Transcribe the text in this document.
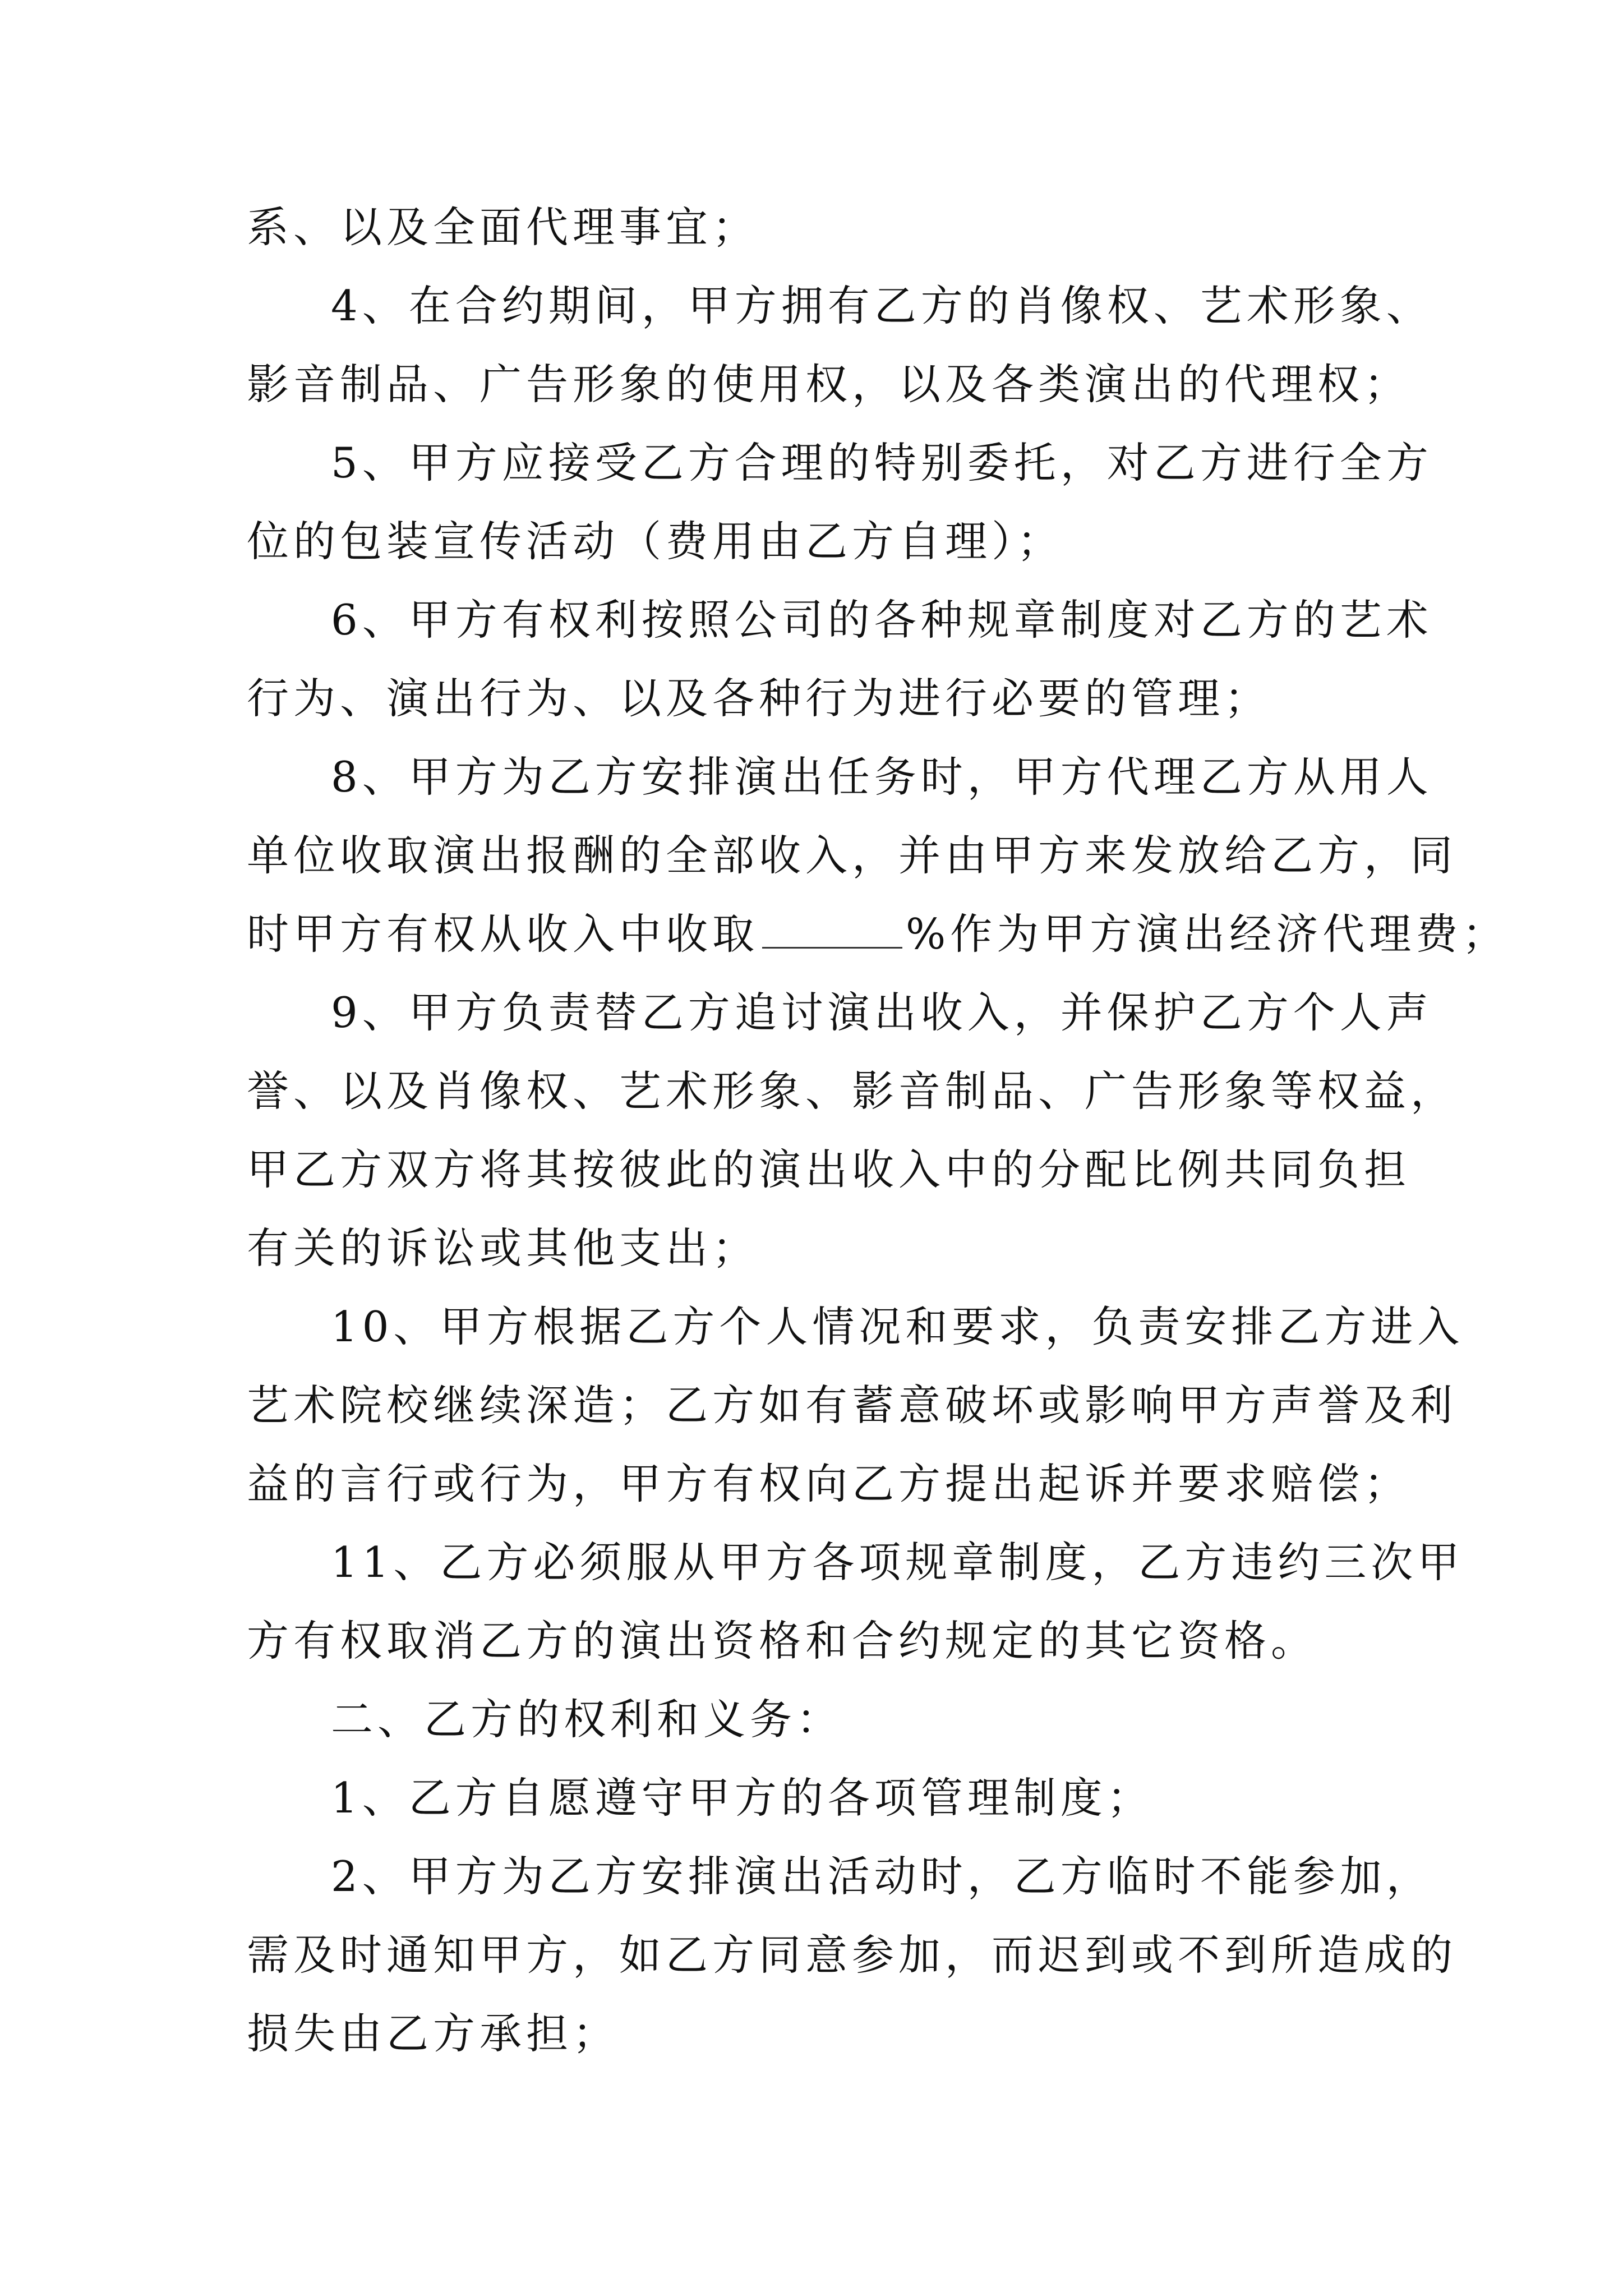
系、以及全面代理事宜；
4、在合约期间，甲方拥有乙方的肖像权、艺术形象、
影音制品、广告形象的使用权，以及各类演出的代理权；
5、甲方应接受乙方合理的特别委托，对乙方进行全方
位的包装宣传活动（费用由乙方自理）；
6、甲方有权利按照公司的各种规章制度对乙方的艺术
行为、演出行为、以及各种行为进行必要的管理；
8、甲方为乙方安排演出任务时，甲方代理乙方从用人
单位收取演出报酬的全部收入，并由甲方来发放给乙方，同
时甲方有权从收入中收取	%作为甲方演出经济代理费；
9、甲方负责替乙方追讨演出收入，并保护乙方个人声
誉、以及肖像权、艺术形象、影音制品、广告形象等权益，
甲乙方双方将其按彼此的演出收入中的分配比例共同负担
有关的诉讼或其他支出；
10、甲方根据乙方个人情况和要求，负责安排乙方进入
艺术院校继续深造；乙方如有蓄意破坏或影响甲方声誉及利
益的言行或行为，甲方有权向乙方提出起诉并要求赔偿；
11、乙方必须服从甲方各项规章制度，乙方违约三次甲
方有权取消乙方的演出资格和合约规定的其它资格。
二、乙方的权利和义务：
1、乙方自愿遵守甲方的各项管理制度；
2、甲方为乙方安排演出活动时，乙方临时不能参加，
需及时通知甲方，如乙方同意参加，而迟到或不到所造成的
损失由乙方承担；
